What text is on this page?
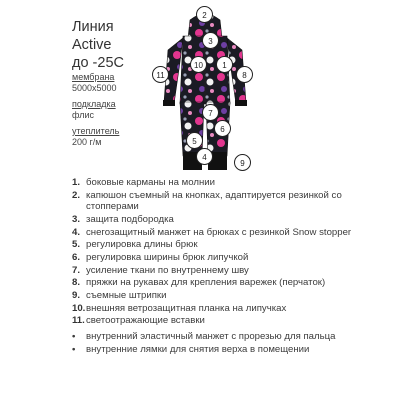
Линия
Active
до -25С
мембрана
5000х5000
подкладка
флис
утеплитель
200 г/м
2
3
10	1
11	8
7
6
5
4
9
1. боковые карманы на молнии
2. капюшон съемный на кнопках, адаптируется резинкой со стопперами
3. защита подбородка
4. снегозащитный манжет на брюках с резинкой Snow stopper
5. регулировка длины брюк
6. регулировка ширины брюк липучкой
7. усиление ткани по внутреннему шву
8. пряжки на рукавах для крепления варежек (перчаток)
9. съемные штрипки
10. внешняя ветрозащитная планка на липучках
11. светоотражающие вставки
•	внутренний эластичный манжет с прорезью для пальца
•	внутренние лямки для снятия верха в помещении
